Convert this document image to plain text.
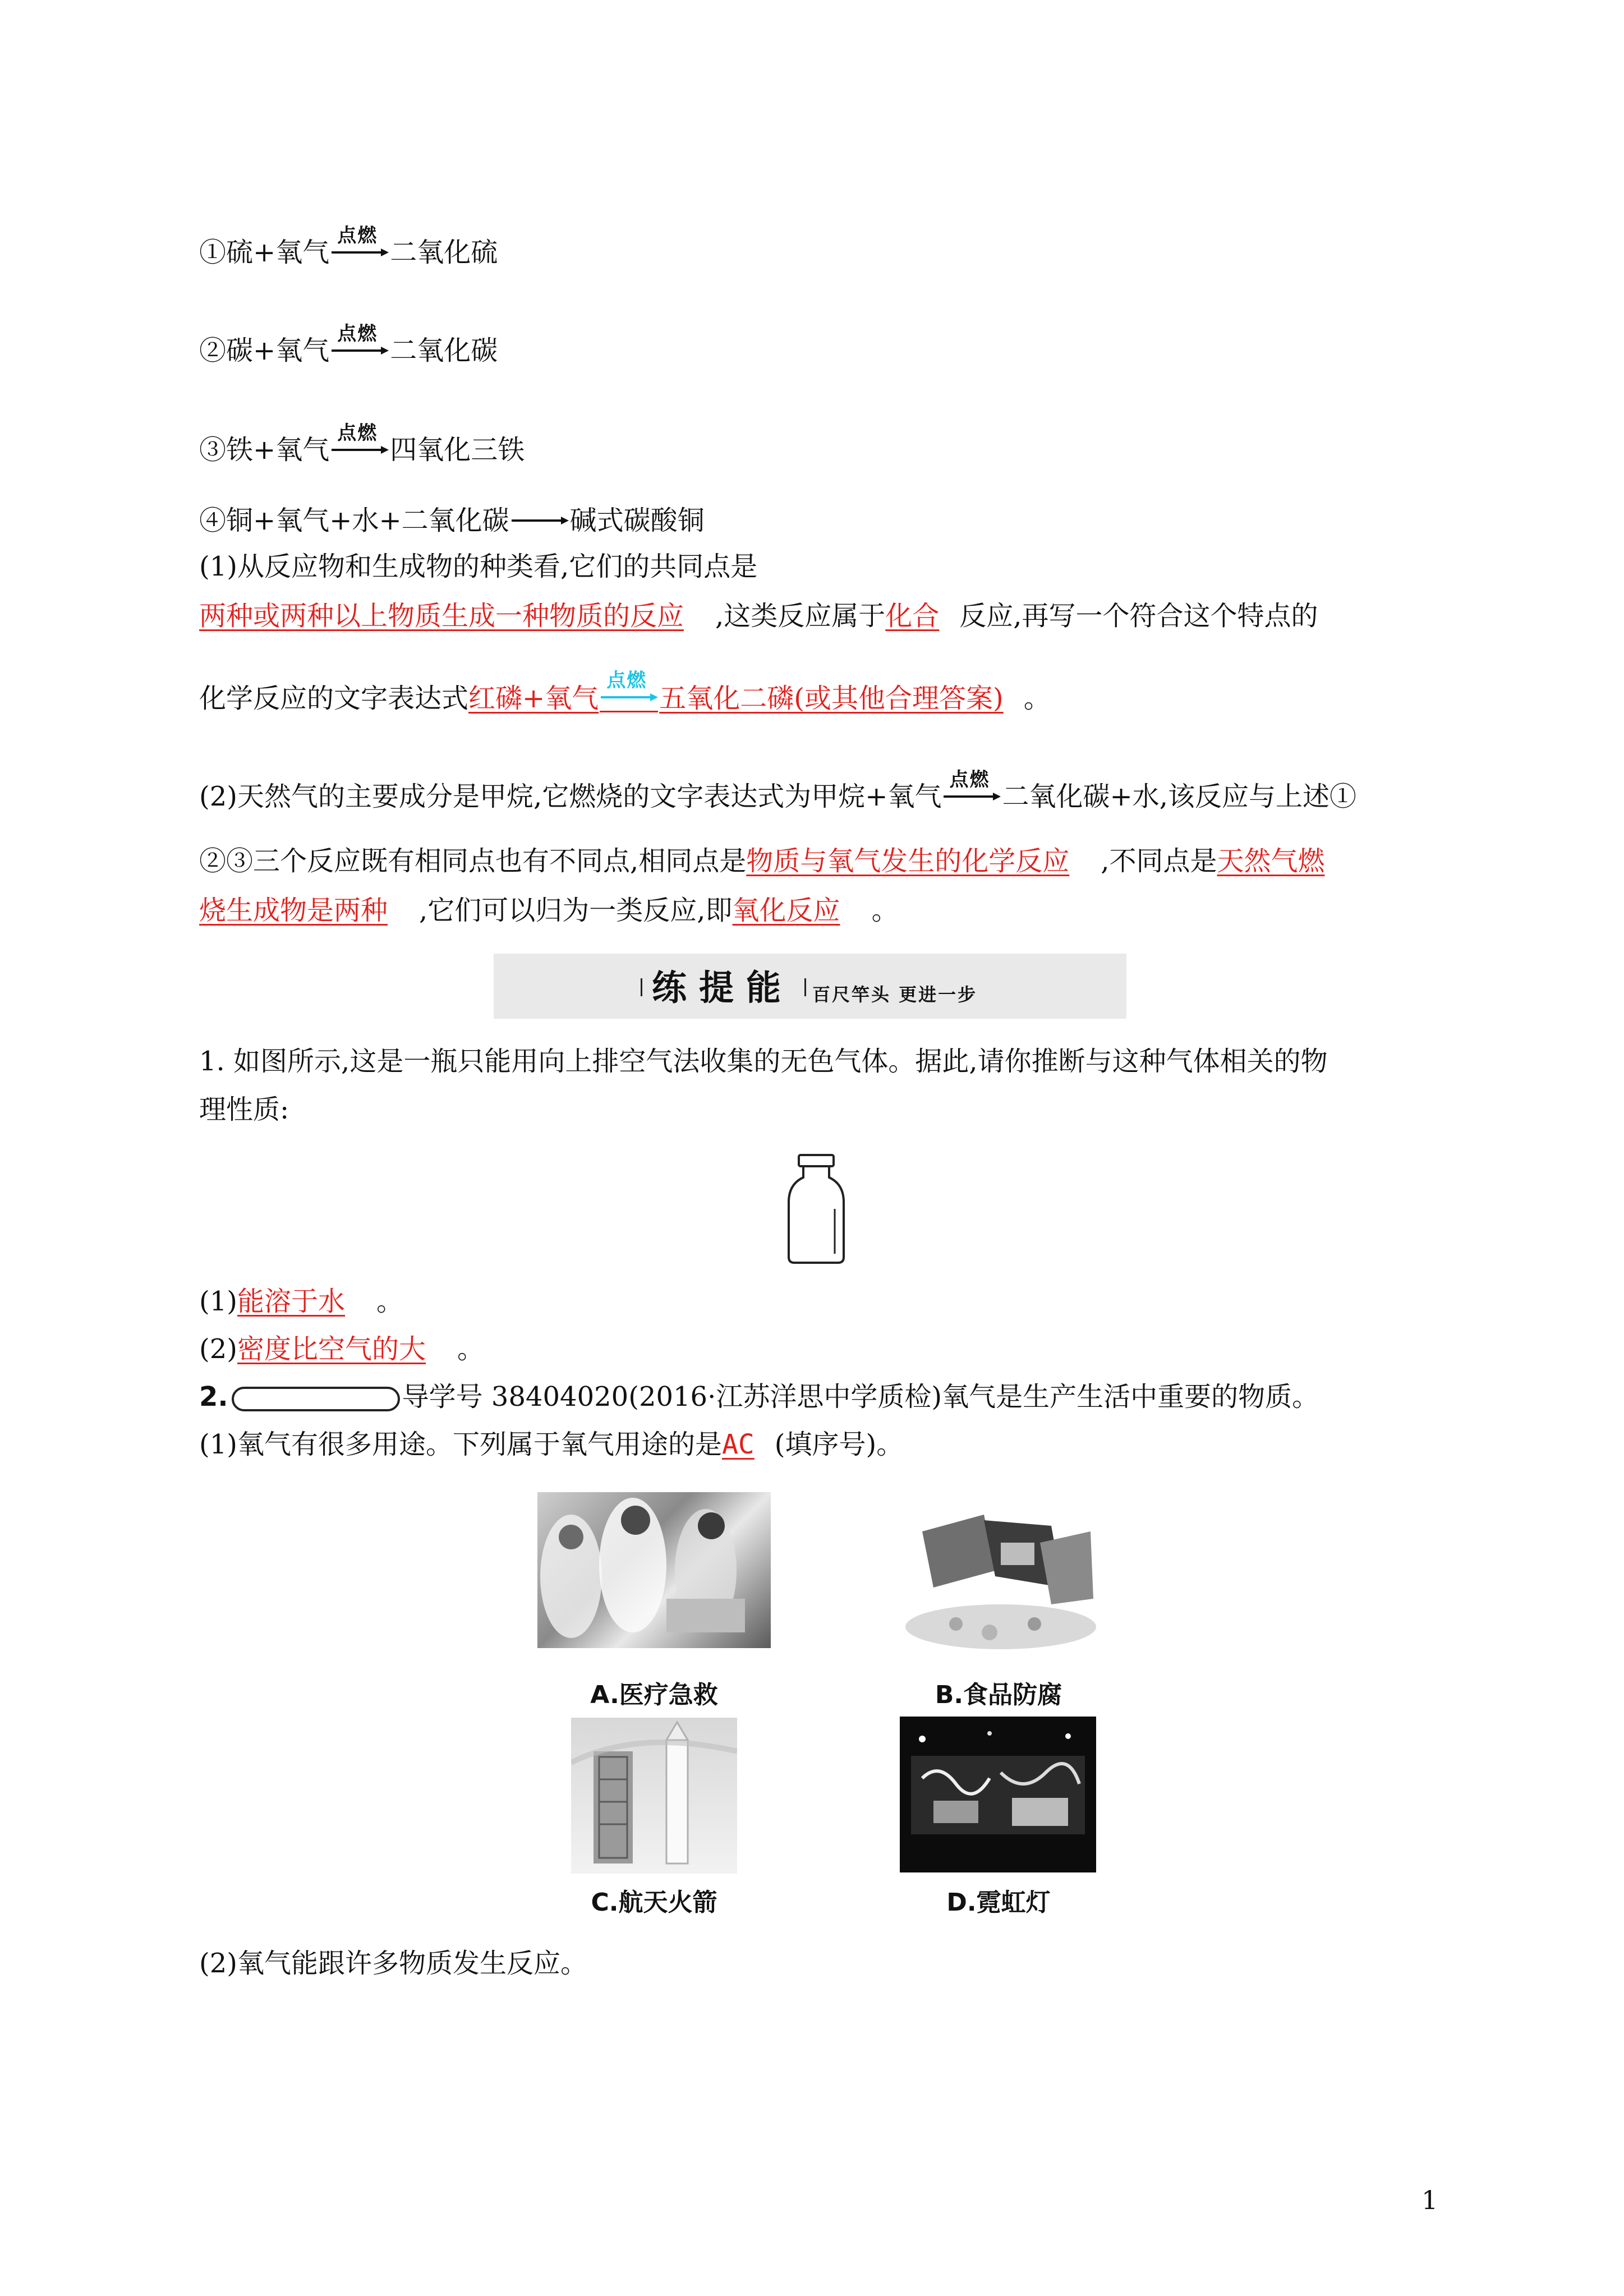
①硫+氧气
点燃
二氧化硫
②碳+氧气
点燃
二氧化碳
③铁+氧气
点燃
四氧化三铁
④铜+氧气+水+二氧化碳 → 碱式碳酸铜
(1)从反应物和生成物的种类看,它们的共同点是
两种或两种以上物质生成一种物质的反应 ,这类反应属于化合 反应,再写一个符合这个特点的
化学反应的文字表达式红磷+氧气
点燃
五氧化二磷(或其他合理答案) 。
(2)天然气的主要成分是甲烷,它燃烧的文字表达式为甲烷+氧气
点燃
二氧化碳+水,该反应与上述①
②③三个反应既有相同点也有不同点,相同点是物质与氧气发生的化学反应 ,不同点是天然气燃
烧生成物是两种 ,它们可以归为一类反应,即氧化反应 。
练提能 百尺竿头 更进一步
1. 如图所示,这是一瓶只能用向上排空气法收集的无色气体。据此,请你推断与这种气体相关的物
理性质:
(1)能溶于水 。
(2)密度比空气的大 。
2.	导学号 38404020(2016·江苏洋思中学质检)氧气是生产生活中重要的物质。
(1)氧气有很多用途。下列属于氧气用途的是AC (填序号)。
A.医疗急救	B.食品防腐
C.航天火箭	D.霓虹灯
(2)氧气能跟许多物质发生反应。
1
